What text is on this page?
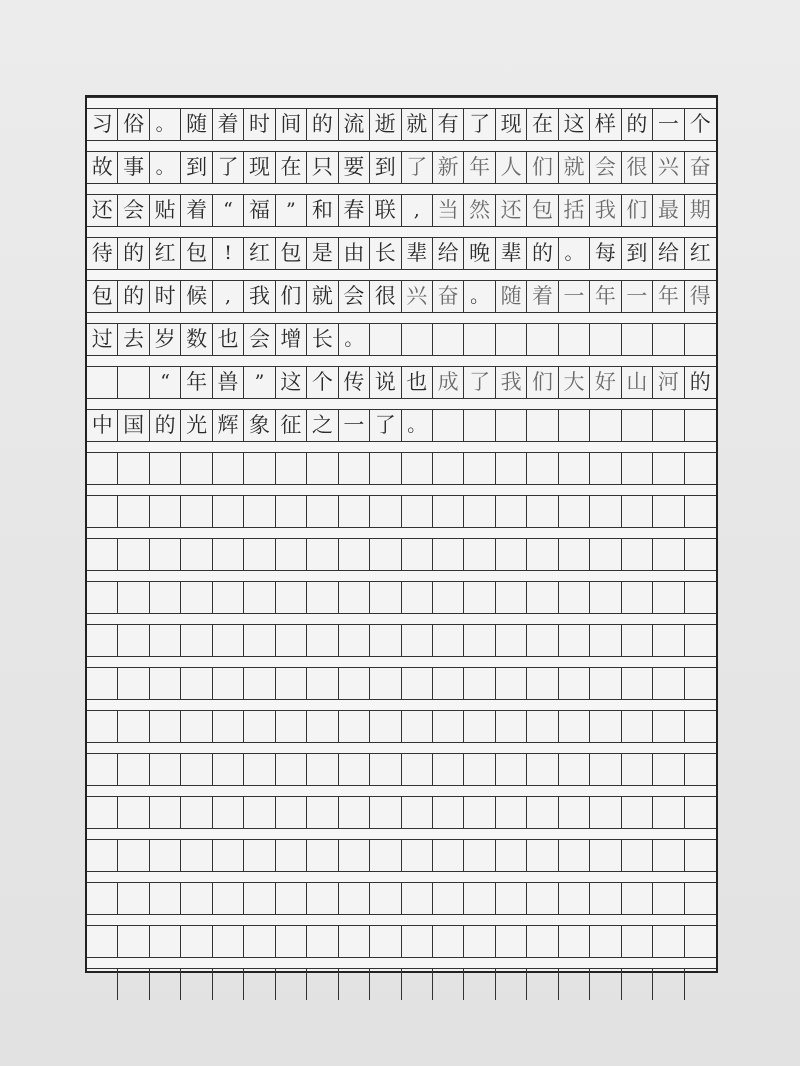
习 俗 。 随 着 时 间 的 流 逝 就 有 了 现 在 这 样 的 一 个
故 事 。 到 了 现 在 只 要 到 了 新 年 人 们 就 会 很 兴 奋
还 会 贴 着 “ 福 ” 和 春 联 , 当 然 还 包 括 我 们 最 期
待 的 红 包 ! 红 包 是 由 长 辈 给 晚 辈 的 。 每 到 给 红
包 的 时 候 , 我 们 就 会 很 兴 奋 。 随 着 一 年 一 年 得
过 去 岁 数 也 会 增 长 。
“ 年 兽 ” 这 个 传 说 也 成 了 我 们 大 好 山 河 的
中 国 的 光 辉 象 征 之 一 了 。
